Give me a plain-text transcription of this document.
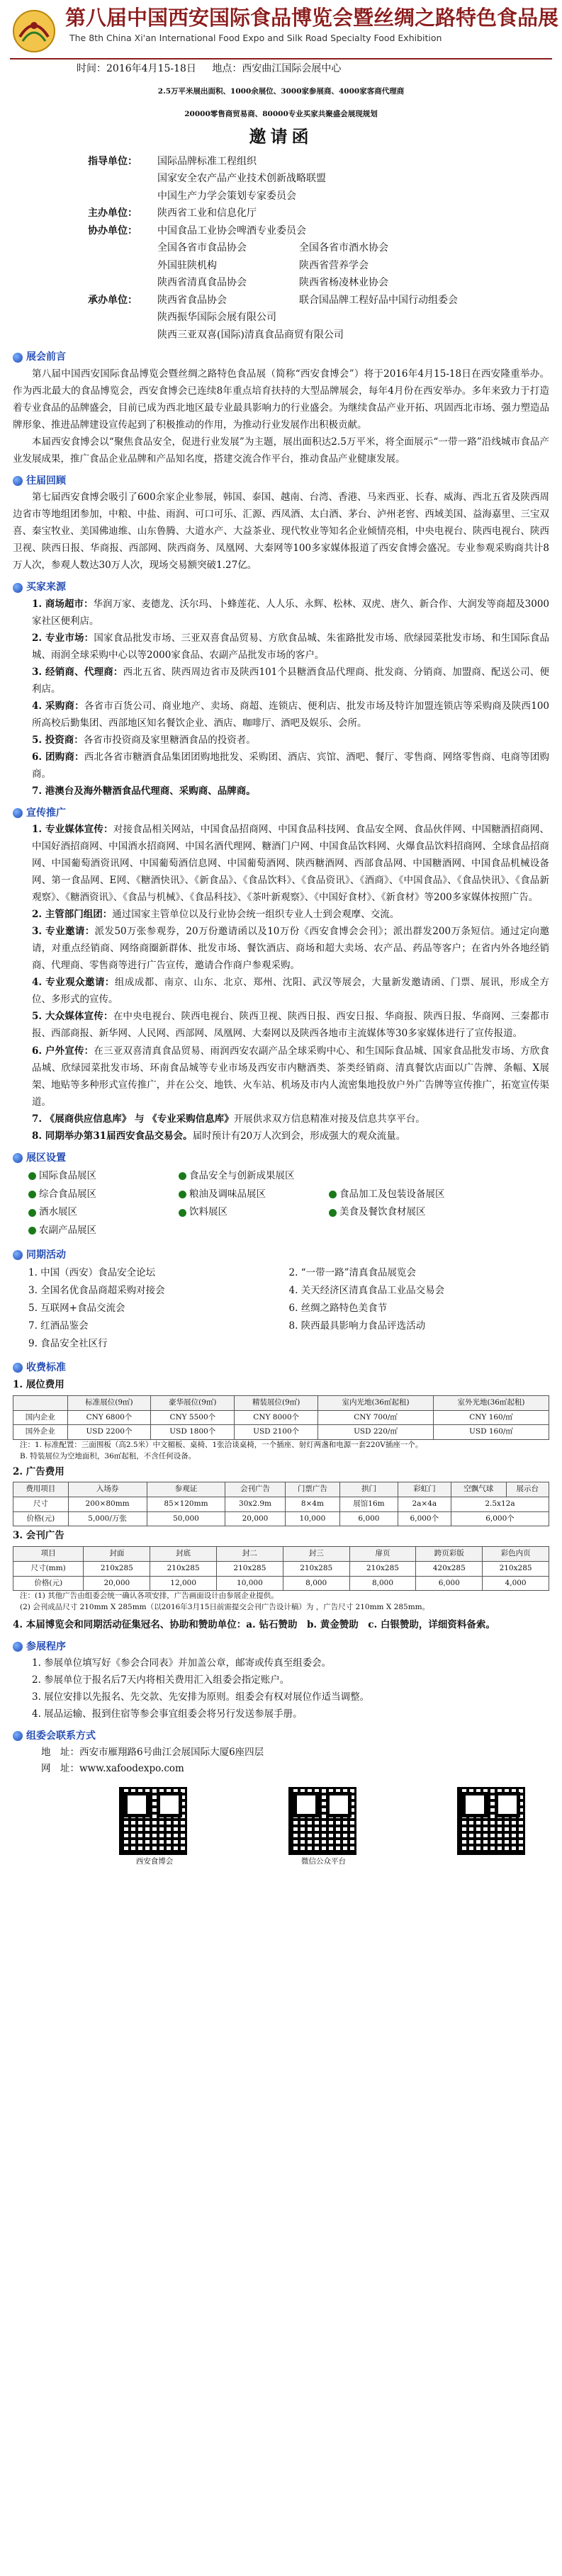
第八届中国西安国际食品博览会暨丝绸之路特色食品展
The 8th China Xi'an International Food Expo and Silk Road Specialty Food Exhibition
时间：2016年4月15-18日 地点：西安曲江国际会展中心
2.5万平米展出面积、1000余展位、3000家参展商、4000家客商代理商
20000零售商贸易商、80000专业买家共聚盛会展现规划
邀请函
指导单位：	国际品牌标准工程组织
国家安全农产品产业技术创新战略联盟
中国生产力学会策划专家委员会
主办单位：	陕西省工业和信息化厅
协办单位：	中国食品工业协会啤酒专业委员会
全国各省市食品协会	全国各省市酒水协会
外国驻陕机构	陕西省营养学会
陕西省清真食品协会	陕西省杨凌林业协会
承办单位：	陕西省食品协会	联合国品牌工程好品中国行动组委会
陕西振华国际会展有限公司
陕西三亚双喜(国际)清真食品商贸有限公司
展会前言

第八届中国西安国际食品博览会暨丝绸之路特色食品展（简称“西安食博会”）将于2016年4月15-18日在西安隆重举办。作为西北最大的食品博览会，西安食博会已连续8年重点培育扶持的大型品牌展会，每年4月份在西安举办。多年来致力于打造着专业食品的品牌盛会，目前已成为西北地区最专业最具影响力的行业盛会。为继续食品产业开拓、巩固西北市场、强力塑造品牌形象、推进品牌建设宣传起到了积极推动的作用，为推动行业发展作出积极贡献。

本届西安食博会以“聚焦食品安全，促进行业发展”为主题，展出面积达2.5万平米，将全面展示“一带一路”沿线城市食品产业发展成果，推广食品企业品牌和产品知名度，搭建交流合作平台，推动食品产业健康发展。

往届回顾

第七届西安食博会吸引了600余家企业参展，韩国、泰国、越南、台湾、香港、马来西亚、长春、威海、西北五省及陕西周边省市等地组团参加，中粮、中盐、雨润、可口可乐、汇源、西凤酒、太白酒、茅台、泸州老窖、西域美国、益海嘉里、三宝双喜、秦宝牧业、美国佛迪维、山东鲁腾、大道水产、大益茶业、现代牧业等知名企业倾情亮相，中央电视台、陕西电视台、陕西卫视、陕西日报、华商报、西部网、陕西商务、凤凰网、大秦网等100多家媒体报道了西安食博会盛况。专业参观采购商共计8万人次，参观人数达30万人次，现场交易额突破1.27亿。

买家来源
1. 商场超市：华润万家、麦德龙、沃尔玛、卜蜂莲花、人人乐、永辉、松林、双虎、唐久、新合作、大润发等商超及3000家社区便利店。
2. 专业市场：国家食品批发市场、三亚双喜食品贸易、方欣食品城、朱雀路批发市场、欣绿园菜批发市场、和生国际食品城、雨润全球采购中心以等2000家食品、农副产品批发市场的客户。
3. 经销商、代理商：西北五省、陕西周边省市及陕西101个县糖酒食品代理商、批发商、分销商、加盟商、配送公司、便利店。
4. 采购商：各省市百货公司、商业地产、卖场、商超、连锁店、便利店、批发市场及特许加盟连锁店等采购商及陕西100所高校后勤集团、西部地区知名餐饮企业、酒店、咖啡厅、酒吧及娱乐、会所。
5. 投资商：各省市投资商及家里糖酒食品的投资者。
6. 团购商：西北各省市糖酒食品集团团购地批发、采购团、酒店、宾馆、酒吧、餐厅、零售商、网络零售商、电商等团购商。
7. 港澳台及海外糖酒食品代理商、采购商、品牌商。
宣传推广
1. 专业媒体宣传：对接食品相关网站，中国食品招商网、中国食品科技网、食品安全网、食品伙伴网、中国糖酒招商网、中国好酒招商网、中国酒水招商网、中国名酒代理网、糖酒门户网、中国食品饮料网、火爆食品饮料招商网、全球食品招商网、中国葡萄酒资讯网、中国葡萄酒信息网、中国葡萄酒网、陕西糖酒网、西部食品网、中国糖酒网、中国食品机械设备网、第一食品网、E网、《糖酒快讯》、《新食品》、《食品饮料》、《食品资讯》、《酒商》、《中国食品》、《食品快讯》、《食品新观察》、《糖酒资讯》、《食品与机械》、《食品科技》、《茶叶新观察》、《中国好食材》、《新食材》等200多家媒体按照广告。
2. 主管部门组团：通过国家主管单位以及行业协会统一组织专业人士到会观摩、交流。
3. 专业邀请：派发50万张参观券，20万份邀请函以及10万份《西安食博会会刊》；派出群发200万条短信。通过定向邀请，对重点经销商、网络商圈新群体、批发市场、餐饮酒店、商场和超大卖场、农产品、药品等客户；在省内外各地经销商、代理商、零售商等进行广告宣传，邀请合作商户参观采购。
4. 专业观众邀请：组成成都、南京、山东、北京、郑州、沈阳、武汉等展会，大量新发邀请函、门票、展讯，形成全方位、多形式的宣传。
5. 大众媒体宣传：在中央电视台、陕西电视台、陕西卫视、陕西日报、西安日报、华商报、陕西日报、华商网、三秦都市报、西部商报、新华网、人民网、西部网、凤凰网、大秦网以及陕西各地市主流媒体等30多家媒体进行了宣传报道。
6. 户外宣传：在三亚双喜清真食品贸易、雨润西安农副产品全球采购中心、和生国际食品城、国家食品批发市场、方欣食品城、欣绿园菜批发市场、环南食品城等专业市场及西安市内糖酒类、茶类经销商、清真餐饮店面以广告牌、条幅、X展架、地贴等多种形式宣传推广，并在公交、地铁、火车站、机场及市内人流密集地投放户外广告牌等宣传推广，拓宽宣传渠道。
7. 《展商供应信息库》 与 《专业采购信息库》开展供求双方信息精准对接及信息共享平台。
8. 同期举办第31届西安食品交易会。届时预计有20万人次到会，形成强大的观众流量。
展区设置
国际食品展区	食品安全与创新成果展区
综合食品展区	粮油及调味品展区	食品加工及包装设备展区
酒水展区	饮料展区	美食及餐饮食材展区
农副产品展区
同期活动
1. 中国（西安）食品安全论坛	2. “一带一路”清真食品展览会
3. 全国名优食品商超采购对接会	4. 关天经济区清真食品工业品交易会
5. 互联网+食品交流会	6. 丝绸之路特色美食节
7. 红酒品鉴会	8. 陕西最具影响力食品评选活动
9. 食品安全社区行
收费标准
1. 展位费用
	标准展位(9㎡)	豪华展位(9㎡)	精装展位(9㎡)	室内光地(36㎡起租)	室外光地(36㎡起租)
国内企业	CNY 6800个	CNY 5500个	CNY 8000个	CNY 700/㎡	CNY 160/㎡
国外企业	USD 2200个	USD 1800个	USD 2100个	USD 220/㎡	USD 160/㎡
注：1. 标准配置：三面围板（高2.5米）中文楣板、桌椅、1张洽谈桌椅，一个插座、射灯两盏和电源一套220V插座一个。
B. 特装展位为空地面积，36㎡起租，不含任何设备。
2. 广告费用
费用项目	入场券	参观证	会刊广告	门票广告	拱门	彩虹门	空飘气球	展示台
尺寸	200×80mm	85×120mm	30x2.9m	8×4m	展馆16m	2a×4a	2.5x12a	
价格(元)	5,000/万张	50,000	20,000	10,000	6,000	6,000个	6,000个	
3. 会刊广告
项目	封面	封底	封二	封三	扉页	跨页彩版	彩色内页
尺寸(mm)	210x285	210x285	210x285	210x285	210x285	420x285	210x285
价格(元)	20,000	12,000	10,000	8,000	8,000	6,000	4,000
注：(1) 其他广告由组委会统一确认各项安排，广告画面设计由参展企业提供。
(2) 会刊成品尺寸 210mm X 285mm（以2016年3月15日前需提交会刊广告设计稿）为 ，广告尺寸 210mm X 285mm。

4. 本届博览会和同期活动征集冠名、协助和赞助单位：a. 钻石赞助　b. 黄金赞助　c. 白银赞助，详细资料备索。

参展程序
1. 参展单位填写好《参会合同表》并加盖公章，邮寄或传真至组委会。
2. 参展单位于报名后7天内将相关费用汇入组委会指定账户。
3. 展位安排以先报名、先交款、先安排为原则。组委会有权对展位作适当调整。
4. 展品运输、报到住宿等参会事宜组委会将另行发送参展手册。
组委会联系方式
地　址：西安市雁翔路6号曲江会展国际大厦6座四层
网　址：www.xafoodexpo.com
西安食博会	微信公众平台
